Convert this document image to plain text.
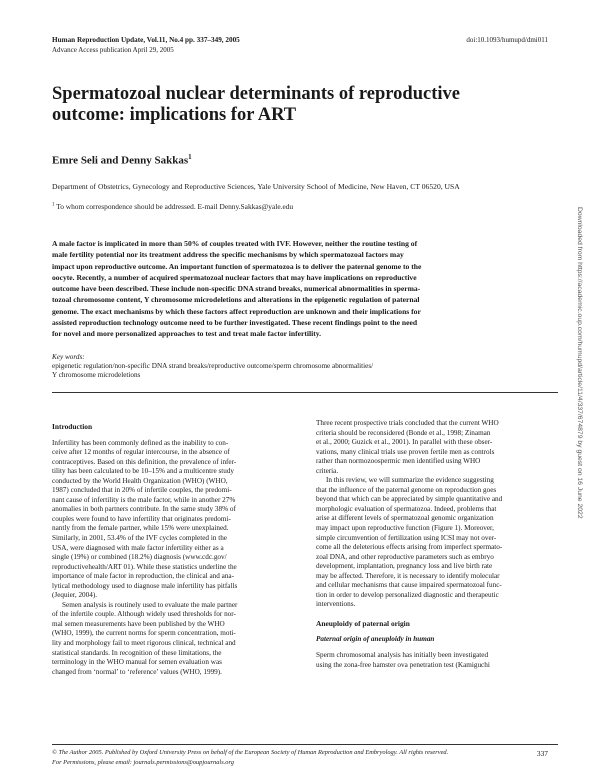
Human Reproduction Update, Vol.11, No.4 pp. 337–349, 2005
Advance Access publication April 29, 2005
doi:10.1093/humupd/dmi011
Spermatozoal nuclear determinants of reproductive
outcome: implications for ART
Emre Seli and Denny Sakkas$^1$
Department of Obstetrics, Gynecology and Reproductive Sciences, Yale University School of Medicine, New Haven, CT 06520, USA
$^1$ To whom correspondence should be addressed. E-mail Denny.Sakkas@yale.edu

A male factor is implicated in more than 50% of couples treated with IVF. However, neither the routine testing of
male fertility potential nor its treatment address the specific mechanisms by which spermatozoal factors may
impact upon reproductive outcome. An important function of spermatozoa is to deliver the paternal genome to the
oocyte. Recently, a number of acquired spermatozoal nuclear factors that may have implications on reproductive
outcome have been described. These include non-specific DNA strand breaks, numerical abnormalities in sperma-
tozoal chromosome content, Y chromosome microdeletions and alterations in the epigenetic regulation of paternal
genome. The exact mechanisms by which these factors affect reproduction are unknown and their implications for
assisted reproduction technology outcome need to be further investigated. These recent findings point to the need
for novel and more personalized approaches to test and treat male factor infertility.

Key words:
epigenetic regulation/non-specific DNA strand breaks/reproductive outcome/sperm chromosome abnormalities/
Y chromosome microdeletions

Introduction
Infertility has been commonly defined as the inability to con-
ceive after 12 months of regular intercourse, in the absence of
contraceptives. Based on this definition, the prevalence of infer-
tility has been calculated to be 10–15% and a multicentre study
conducted by the World Health Organization (WHO) (WHO,
1987) concluded that in 20% of infertile couples, the predomi-
nant cause of infertility is the male factor, while in another 27%
anomalies in both partners contribute. In the same study 38% of
couples were found to have infertility that originates predomi-
nantly from the female partner, while 15% were unexplained.
Similarly, in 2001, 53.4% of the IVF cycles completed in the
USA, were diagnosed with male factor infertility either as a
single (19%) or combined (18.2%) diagnosis (www.cdc.gov/
reproductivehealth/ART 01). While these statistics underline the
importance of male factor in reproduction, the clinical and ana-
lytical methodology used to diagnose male infertility has pitfalls
(Jequier, 2004).
Semen analysis is routinely used to evaluate the male partner
of the infertile couple. Although widely used thresholds for nor-
mal semen measurements have been published by the WHO
(WHO, 1999), the current norms for sperm concentration, moti-
lity and morphology fail to meet rigorous clinical, technical and
statistical standards. In recognition of these limitations, the
terminology in the WHO manual for semen evaluation was
changed from ‘normal’ to ‘reference’ values (WHO, 1999).
Three recent prospective trials concluded that the current WHO
criteria should be reconsidered (Bonde et al., 1998; Zinaman
et al., 2000; Guzick et al., 2001). In parallel with these obser-
vations, many clinical trials use proven fertile men as controls
rather than normozoospermic men identified using WHO
criteria.
In this review, we will summarize the evidence suggesting
that the influence of the paternal genome on reproduction goes
beyond that which can be appreciated by simple quantitative and
morphologic evaluation of spermatozoa. Indeed, problems that
arise at different levels of spermatozoal genomic organization
may impact upon reproductive function (Figure 1). Moreover,
simple circumvention of fertilization using ICSI may not over-
come all the deleterious effects arising from imperfect spermato-
zoal DNA, and other reproductive parameters such as embryo
development, implantation, pregnancy loss and live birth rate
may be affected. Therefore, it is necessary to identify molecular
and cellular mechanisms that cause impaired spermatozoal func-
tion in order to develop personalized diagnostic and therapeutic
interventions.
Aneuploidy of paternal origin
Paternal origin of aneuploidy in human
Sperm chromosomal analysis has initially been investigated
using the zona-free hamster ova penetration test (Kamiguchi
© The Author 2005. Published by Oxford University Press on behalf of the European Society of Human Reproduction and Embryology. All rights reserved.
For Permissions, please email: journals.permissions@oupjournals.org
337
Downloaded from https://academic.oup.com/humupd/article/11/4/337/674879 by guest on 16 June 2022
